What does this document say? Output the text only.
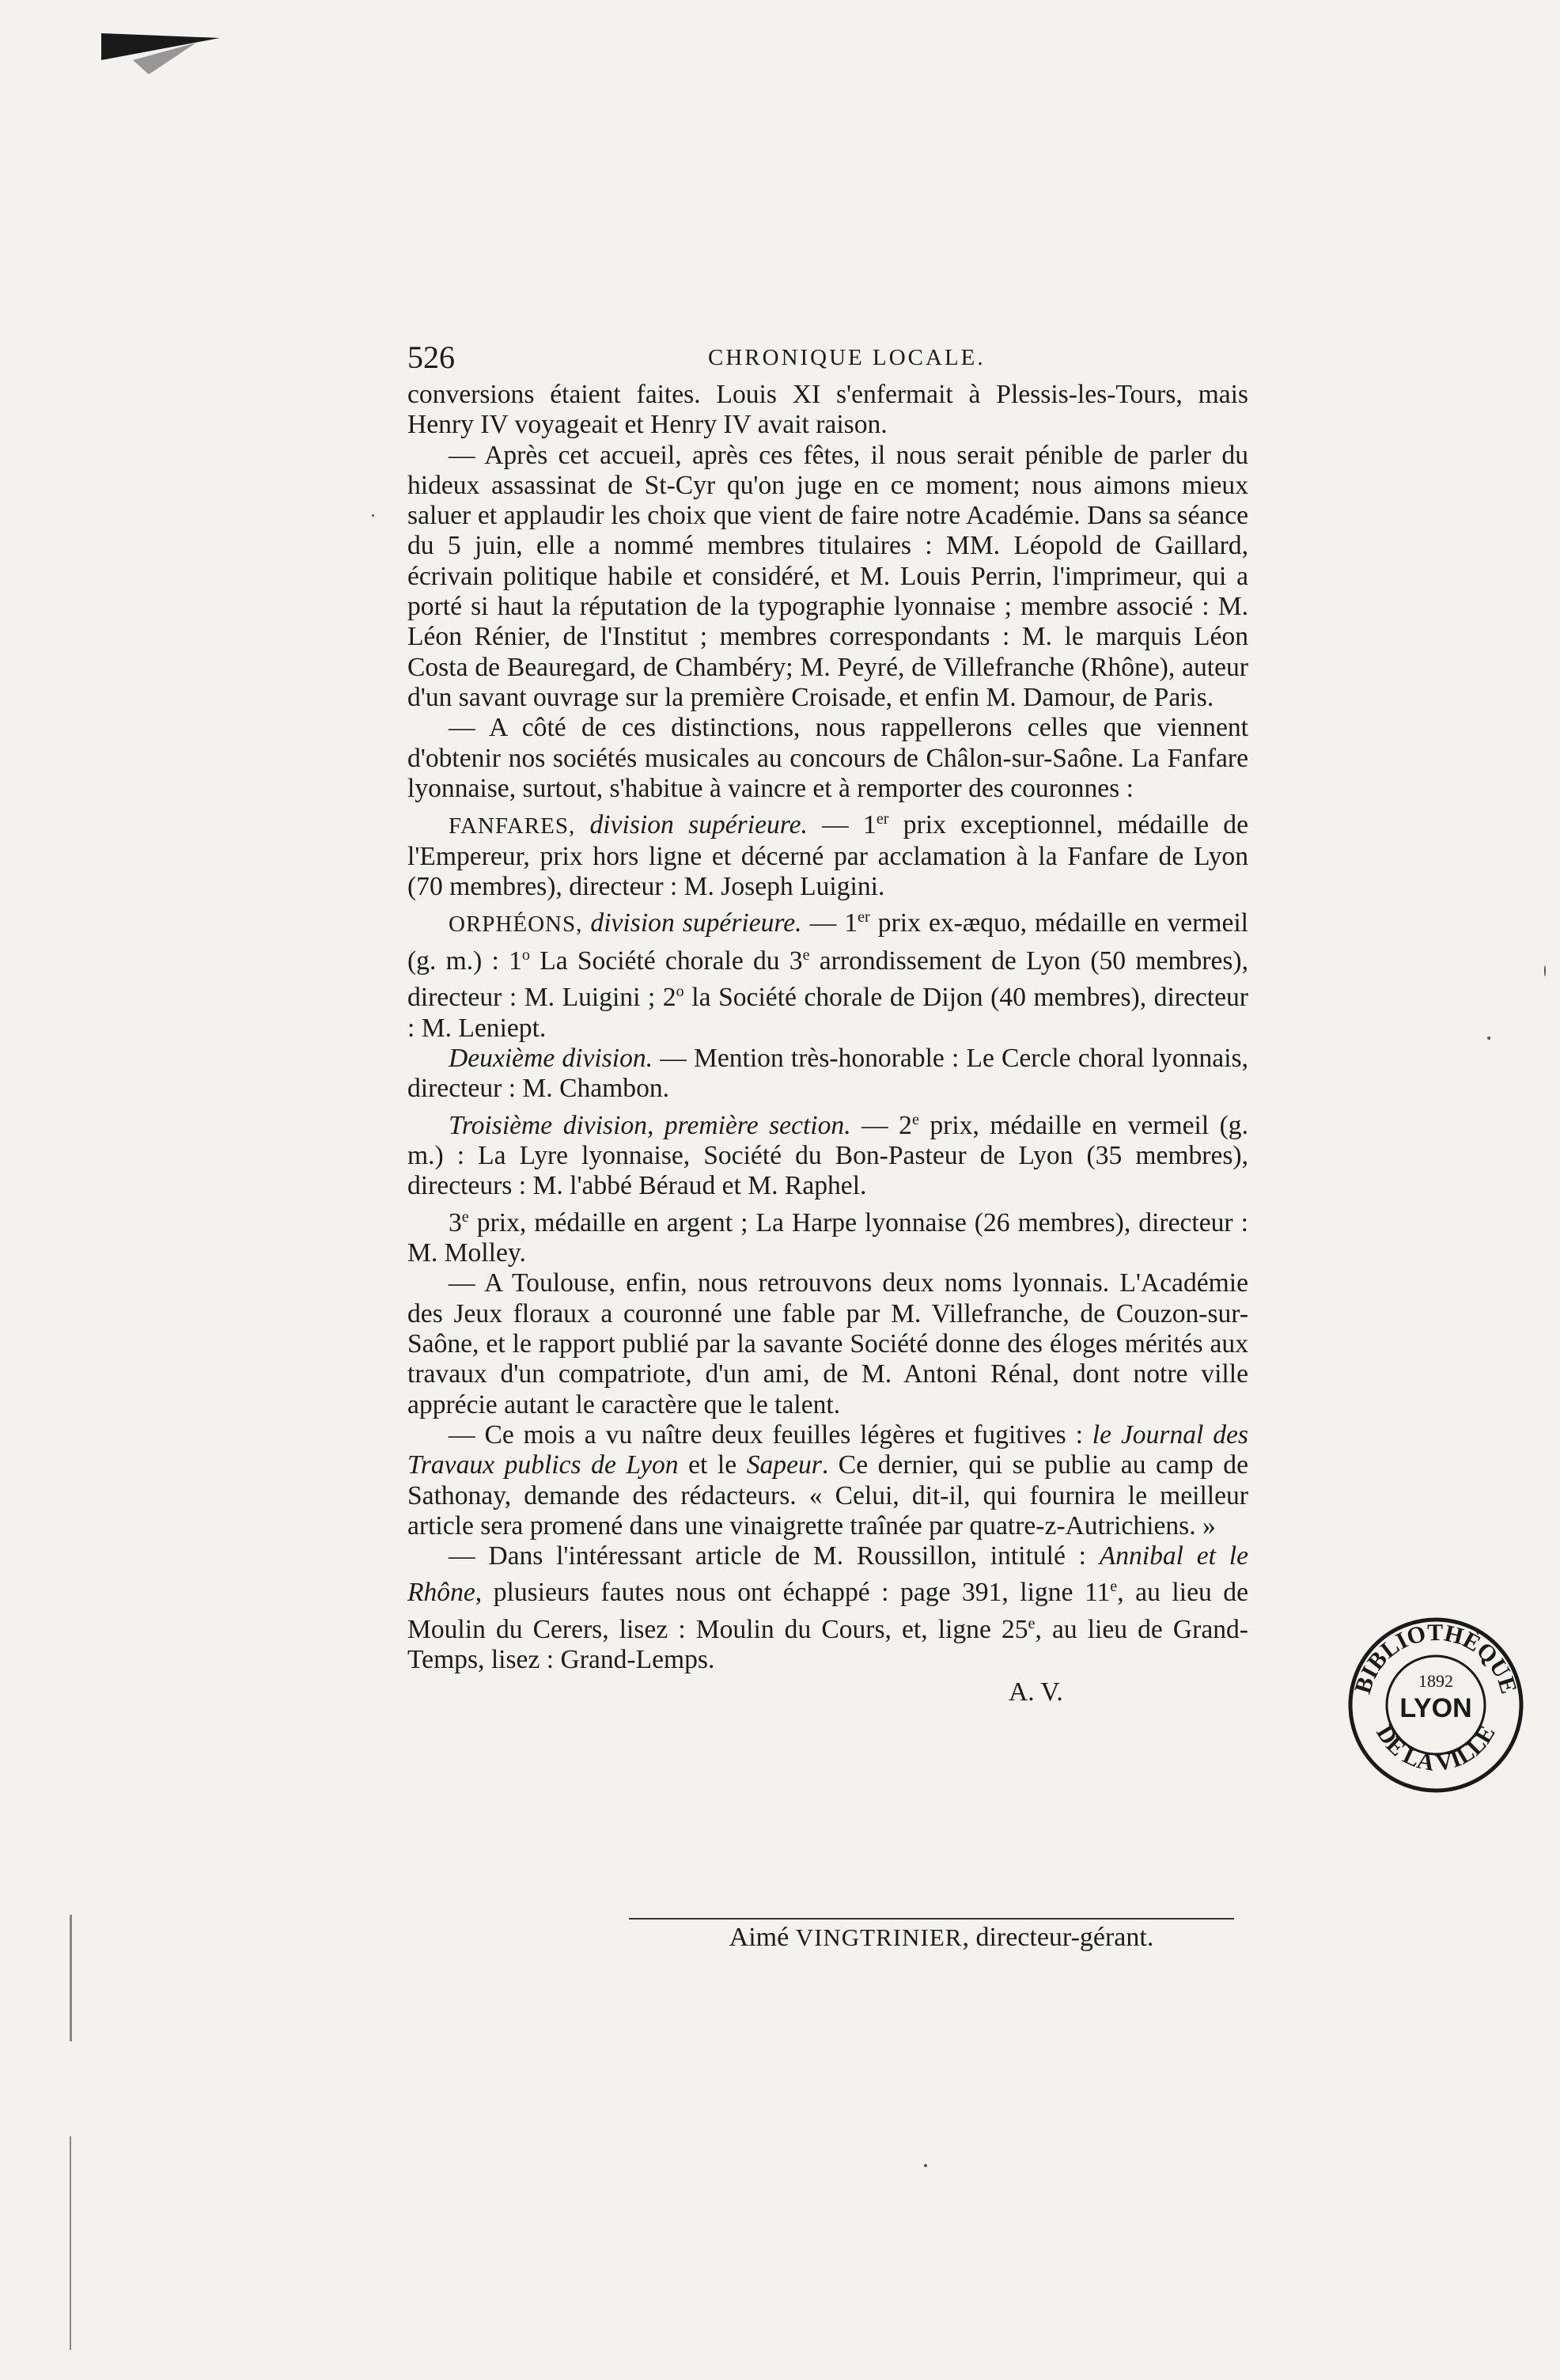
526	CHRONIQUE LOCALE.

conversions étaient faites. Louis XI s'enfermait à Plessis-les-Tours, mais Henry IV voyageait et Henry IV avait raison.

— Après cet accueil, après ces fêtes, il nous serait pénible de parler du hideux assassinat de St-Cyr qu'on juge en ce moment; nous aimons mieux saluer et applaudir les choix que vient de faire notre Académie. Dans sa séance du 5 juin, elle a nommé membres titulaires : MM. Léopold de Gaillard, écrivain politique habile et considéré, et M. Louis Perrin, l'imprimeur, qui a porté si haut la réputation de la typographie lyonnaise ; membre associé : M. Léon Rénier, de l'Institut ; membres correspondants : M. le marquis Léon Costa de Beauregard, de Chambéry; M. Peyré, de Villefranche (Rhône), auteur d'un savant ouvrage sur la première Croisade, et enfin M. Damour, de Paris.

— A côté de ces distinctions, nous rappellerons celles que viennent d'obtenir nos sociétés musicales au concours de Châlon-sur-Saône. La Fanfare lyonnaise, surtout, s'habitue à vaincre et à remporter des couronnes :

FANFARES, division supérieure. — 1er prix exceptionnel, médaille de l'Empereur, prix hors ligne et décerné par acclamation à la Fanfare de Lyon (70 membres), directeur : M. Joseph Luigini.

ORPHÉONS, division supérieure. — 1er prix ex-æquo, médaille en vermeil (g. m.) : 1$^o$ La Société chorale du 3e arrondissement de Lyon (50 membres), directeur : M. Luigini ; 2$^o$ la Société chorale de Dijon (40 membres), directeur : M. Leniept.

Deuxième division. — Mention très-honorable : Le Cercle choral lyonnais, directeur : M. Chambon.

Troisième division, première section. — 2e prix, médaille en vermeil (g. m.) : La Lyre lyonnaise, Société du Bon-Pasteur de Lyon (35 membres), directeurs : M. l'abbé Béraud et M. Raphel.

3e prix, médaille en argent ; La Harpe lyonnaise (26 membres), directeur : M. Molley.

— A Toulouse, enfin, nous retrouvons deux noms lyonnais. L'Académie des Jeux floraux a couronné une fable par M. Villefranche, de Couzon-sur-Saône, et le rapport publié par la savante Société donne des éloges mérités aux travaux d'un compatriote, d'un ami, de M. Antoni Rénal, dont notre ville apprécie autant le caractère que le talent.

— Ce mois a vu naître deux feuilles légères et fugitives : le Journal des Travaux publics de Lyon et le Sapeur. Ce dernier, qui se publie au camp de Sathonay, demande des rédacteurs. « Celui, dit-il, qui fournira le meilleur article sera promené dans une vinaigrette traînée par quatre-z-Autrichiens. »

— Dans l'intéressant article de M. Roussillon, intitulé : Annibal et le Rhône, plusieurs fautes nous ont échappé : page 391, ligne 11e, au lieu de Moulin du Cerers, lisez : Moulin du Cours, et, ligne 25e, au lieu de Grand-Temps, lisez : Grand-Lemps.

A. V.
Aimé VINGTRINIER, directeur-gérant.
BIBLIOTHÈQUE
DE LA VILLE
LYON
1892
